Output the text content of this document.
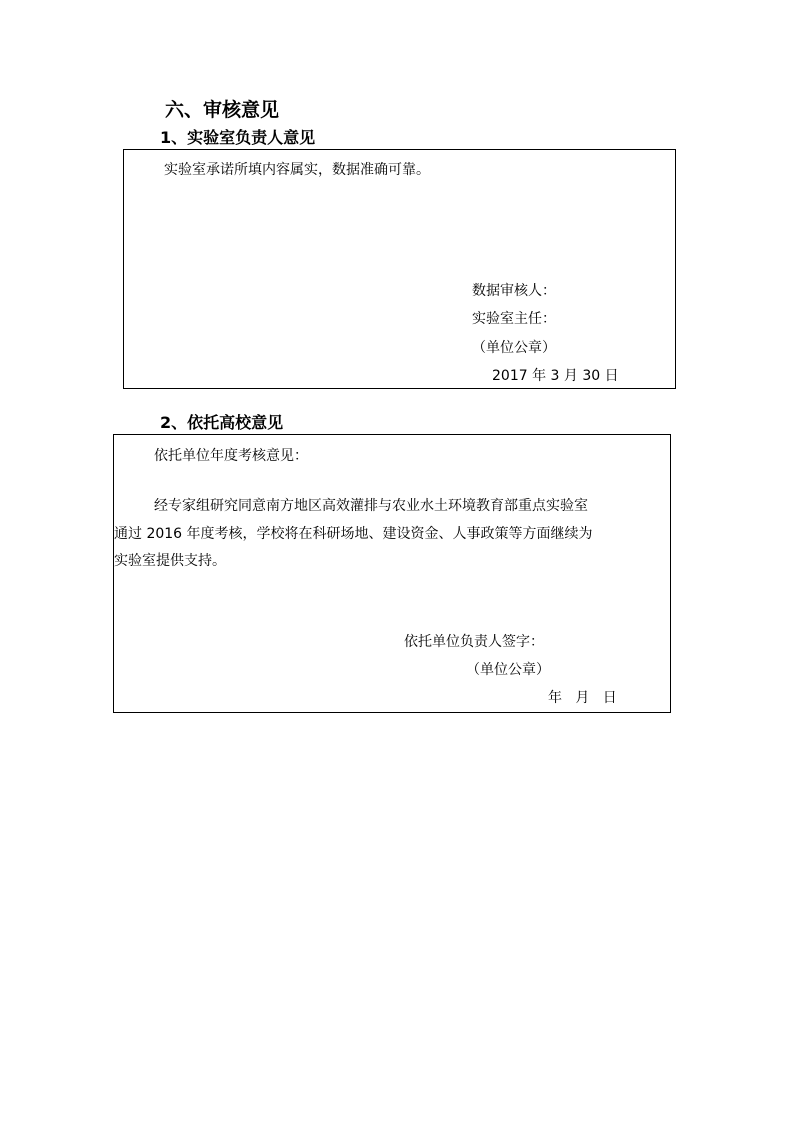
六、审核意见
1、实验室负责人意见
实验室承诺所填内容属实，数据准确可靠。
数据审核人：
实验室主任：
（单位公章）
2017 年 3 月 30 日
2、依托高校意见
依托单位年度考核意见：
经专家组研究同意南方地区高效灌排与农业水土环境教育部重点实验室
通过 2016 年度考核，学校将在科研场地、建设资金、人事政策等方面继续为
实验室提供支持。
依托单位负责人签字：
（单位公章）
年   月   日
